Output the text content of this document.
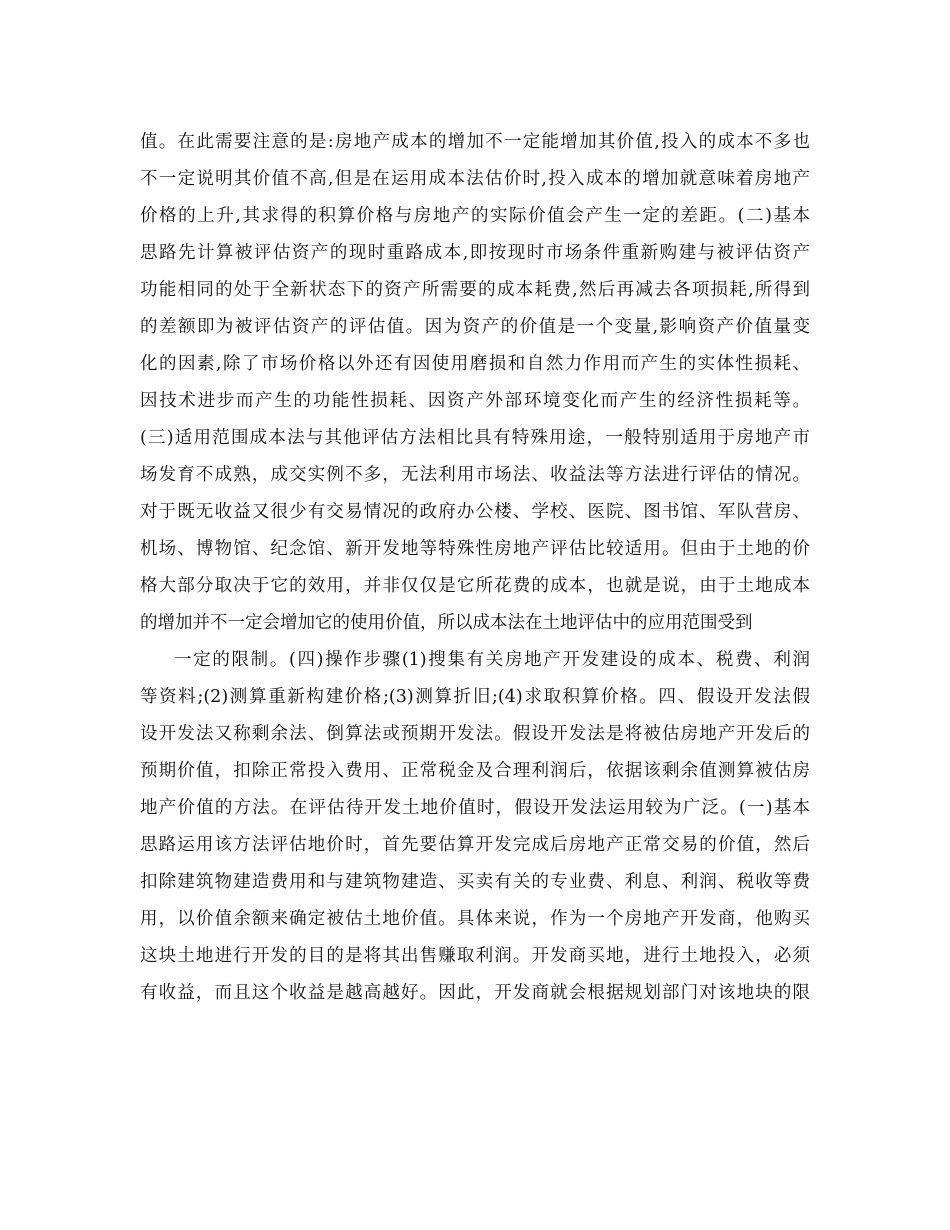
值。在此需要注意的是:房地产成本的增加不一定能增加其价值,投入的成本不多也
不一定说明其价值不高,但是在运用成本法估价时,投入成本的增加就意味着房地产
价格的上升,其求得的积算价格与房地产的实际价值会产生一定的差距。(二)基本
思路先计算被评估资产的现时重路成本,即按现时市场条件重新购建与被评估资产
功能相同的处于全新状态下的资产所需要的成本耗费,然后再减去各项损耗,所得到
的差额即为被评估资产的评估值。因为资产的价值是一个变量,影响资产价值量变
化的因素,除了市场价格以外还有因使用磨损和自然力作用而产生的实体性损耗、
因技术进步而产生的功能性损耗、因资产外部环境变化而产生的经济性损耗等。
(三)适用范围成本法与其他评估方法相比具有特殊用途，一般特别适用于房地产市
场发育不成熟，成交实例不多，无法利用市场法、收益法等方法进行评估的情况。
对于既无收益又很少有交易情况的政府办公楼、学校、医院、图书馆、军队营房、
机场、博物馆、纪念馆、新开发地等特殊性房地产评估比较适用。但由于土地的价
格大部分取决于它的效用，并非仅仅是它所花费的成本，也就是说，由于土地成本
的增加并不一定会增加它的使用价值，所以成本法在土地评估中的应用范围受到
一定的限制。(四)操作步骤(1)搜集有关房地产开发建设的成本、税费、利润
等资料;(2)测算重新构建价格;(3)测算折旧;(4)求取积算价格。四、假设开发法假
设开发法又称剩余法、倒算法或预期开发法。假设开发法是将被估房地产开发后的
预期价值，扣除正常投入费用、正常税金及合理利润后，依据该剩余值测算被估房
地产价值的方法。在评估待开发土地价值时，假设开发法运用较为广泛。(一)基本
思路运用该方法评估地价时，首先要估算开发完成后房地产正常交易的价值，然后
扣除建筑物建造费用和与建筑物建造、买卖有关的专业费、利息、利润、税收等费
用，以价值余额来确定被估土地价值。具体来说，作为一个房地产开发商，他购买
这块土地进行开发的目的是将其出售赚取利润。开发商买地，进行土地投入，必须
有收益，而且这个收益是越高越好。因此，开发商就会根据规划部门对该地块的限
